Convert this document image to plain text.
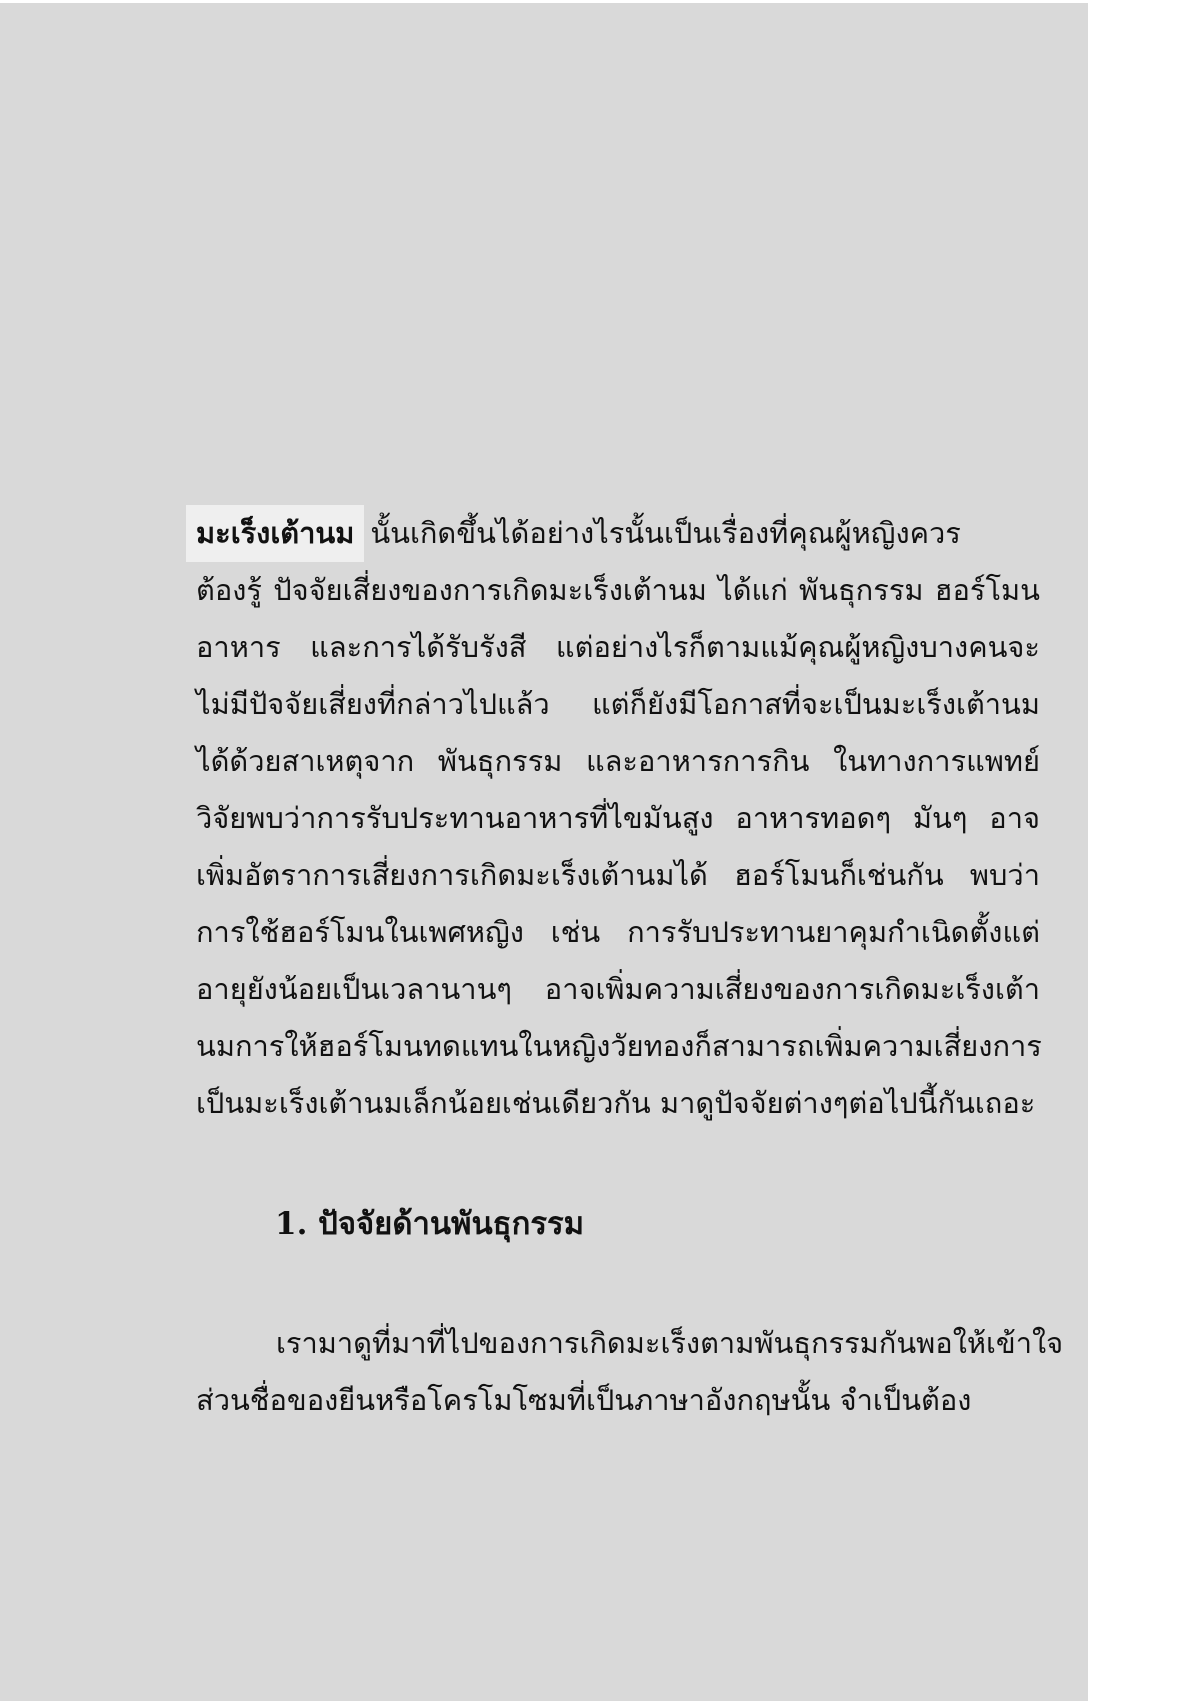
มะเร็งเต้านม นั้นเกิดขึ้นได้อย่างไรนั้นเป็นเรื่องที่คุณผู้หญิงควร
ต้องรู้ ปัจจัยเสี่ยงของการเกิดมะเร็งเต้านม ได้แก่ พันธุกรรม ฮอร์โมน
อาหาร และการได้รับรังสี แต่อย่างไรก็ตามแม้คุณผู้หญิงบางคนจะ
ไม่มีปัจจัยเสี่ยงที่กล่าวไปแล้ว แต่ก็ยังมีโอกาสที่จะเป็นมะเร็งเต้านม
ได้ด้วยสาเหตุจาก พันธุกรรม และอาหารการกิน ในทางการแพทย์
วิจัยพบว่าการรับประทานอาหารที่ไขมันสูง อาหารทอดๆ มันๆ อาจ
เพิ่มอัตราการเสี่ยงการเกิดมะเร็งเต้านมได้ ฮอร์โมนก็เช่นกัน พบว่า
การใช้ฮอร์โมนในเพศหญิง เช่น การรับประทานยาคุมกำเนิดตั้งแต่
อายุยังน้อยเป็นเวลานานๆ อาจเพิ่มความเสี่ยงของการเกิดมะเร็งเต้า
นมการให้ฮอร์โมนทดแทนในหญิงวัยทองก็สามารถเพิ่มความเสี่ยงการ
เป็นมะเร็งเต้านมเล็กน้อยเช่นเดียวกัน มาดูปัจจัยต่างๆต่อไปนี้กันเถอะ
1. ปัจจัยด้านพันธุกรรม
เรามาดูที่มาที่ไปของการเกิดมะเร็งตามพันธุกรรมกันพอให้เข้าใจ
ส่วนชื่อของยีนหรือโครโมโซมที่เป็นภาษาอังกฤษนั้น จำเป็นต้อง
